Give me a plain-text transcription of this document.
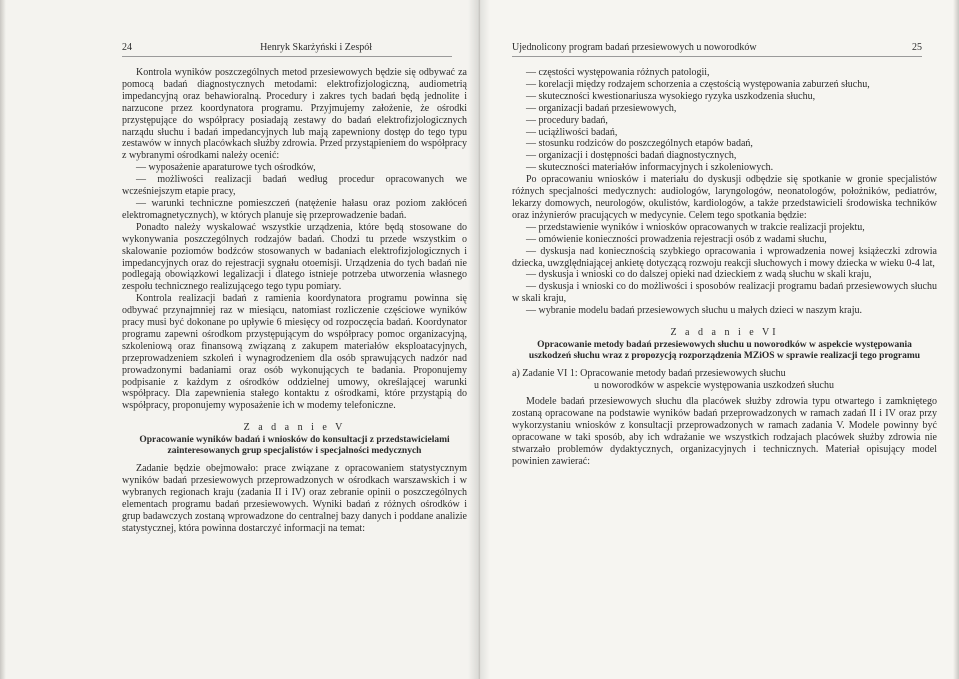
24	Henryk Skarżyński i Zespół

Kontrola wyników poszczególnych metod przesiewowych będzie się odbywać za pomocą badań diagnostycznych metodami: elektrofizjologiczną, audiometrią impedancyjną oraz behawioralną. Procedury i zakres tych badań będą jednolite i narzucone przez koordynatora programu. Przyjmujemy założenie, że ośrodki przystępujące do współpracy posiadają zestawy do badań elektrofizjologicznych narządu słuchu i badań impedancyjnych lub mają zapewniony dostęp do tego typu zestawów w innych placówkach służby zdrowia. Przed przystąpieniem do współpracy z wybranymi ośrodkami należy ocenić:

— wyposażenie aparaturowe tych ośrodków,

— możliwości realizacji badań według procedur opracowanych we wcześniejszym etapie pracy,

— warunki techniczne pomieszczeń (natężenie hałasu oraz poziom zakłóceń elektromagnetycznych), w których planuje się przeprowadzenie badań.

Ponadto należy wyskalować wszystkie urządzenia, które będą stosowane do wykonywania poszczególnych rodzajów badań. Chodzi tu przede wszystkim o skalowanie poziomów bodźców stosowanych w badaniach elektrofizjologicznych i impedancyjnych oraz do rejestracji sygnału otoemisji. Urządzenia do tych badań nie podlegają obowiązkowi legalizacji i dlatego istnieje potrzeba utworzenia własnego zespołu technicznego realizującego tego typu pomiary.

Kontrola realizacji badań z ramienia koordynatora programu powinna się odbywać przynajmniej raz w miesiącu, natomiast rozliczenie częściowe wyników pracy musi być dokonane po upływie 6 miesięcy od rozpoczęcia badań. Koordynator programu zapewni ośrodkom przystępującym do współpracy pomoc organizacyjną, szkoleniową oraz finansową związaną z zakupem materiałów eksploatacyjnych, przeprowadzeniem szkoleń i wynagrodzeniem dla osób sprawujących nadzór nad prowadzonymi badaniami oraz osób wykonujących te badania. Proponujemy podpisanie z każdym z ośrodków oddzielnej umowy, określającej warunki współpracy. Dla zapewnienia stałego kontaktu z ośrodkami, które przystąpią do współpracy, proponujemy wyposażenie ich w modemy telefoniczne.

Z a d a n i e V
Opracowanie wyników badań i wniosków do konsultacji z przedstawicielami zainteresowanych grup specjalistów i specjalności medycznych

Zadanie będzie obejmowało: prace związane z opracowaniem statystycznym wyników badań przesiewowych przeprowadzonych w ośrodkach warszawskich i w wybranych regionach kraju (zadania II i IV) oraz zebranie opinii o poszczególnych elementach programu badań przesiewowych. Wyniki badań z różnych ośrodków i grup badawczych zostaną wprowadzone do centralnej bazy danych i poddane analizie statystycznej, która powinna dostarczyć informacji na temat:

Ujednolicony program badań przesiewowych u noworodków	25

— częstości występowania różnych patologii,

— korelacji między rodzajem schorzenia a częstością występowania zaburzeń słuchu,

— skuteczności kwestionariusza wysokiego ryzyka uszkodzenia słuchu,

— organizacji badań przesiewowych,

— procedury badań,

— uciążliwości badań,

— stosunku rodziców do poszczególnych etapów badań,

— organizacji i dostępności badań diagnostycznych,

— skuteczności materiałów informacyjnych i szkoleniowych.

Po opracowaniu wniosków i materiału do dyskusji odbędzie się spotkanie w gronie specjalistów różnych specjalności medycznych: audiologów, laryngologów, neonatologów, położników, pediatrów, lekarzy domowych, neurologów, okulistów, kardiologów, a także przedstawicieli środowiska techników oraz inżynierów pracujących w medycynie. Celem tego spotkania będzie:

— przedstawienie wyników i wniosków opracowanych w trakcie realizacji projektu,

— omówienie konieczności prowadzenia rejestracji osób z wadami słuchu,

— dyskusja nad koniecznością szybkiego opracowania i wprowadzenia nowej książeczki zdrowia dziecka, uwzględniającej ankietę dotyczącą rozwoju reakcji słuchowych i mowy dziecka w wieku 0-4 lat,

— dyskusja i wnioski co do dalszej opieki nad dzieckiem z wadą słuchu w skali kraju,

— dyskusja i wnioski co do możliwości i sposobów realizacji programu badań przesiewowych słuchu w skali kraju,

— wybranie modelu badań przesiewowych słuchu u małych dzieci w naszym kraju.

Z a d a n i e VI
Opracowanie metody badań przesiewowych słuchu u noworodków w aspekcie występowania uszkodzeń słuchu wraz z propozycją rozporządzenia MZiOS w sprawie realizacji tego programu
a) Zadanie VI 1: Opracowanie metody badań przesiewowych słuchu
u noworodków w aspekcie występowania uszkodzeń słuchu

Modele badań przesiewowych słuchu dla placówek służby zdrowia typu otwartego i zamkniętego zostaną opracowane na podstawie wyników badań przeprowadzonych w ramach zadań II i IV oraz przy wykorzystaniu wniosków z konsultacji przeprowadzonych w ramach zadania V. Modele powinny być opracowane w taki sposób, aby ich wdrażanie we wszystkich rodzajach placówek służby zdrowia nie stwarzało problemów dydaktycznych, organizacyjnych i technicznych. Materiał opisujący model powinien zawierać:
